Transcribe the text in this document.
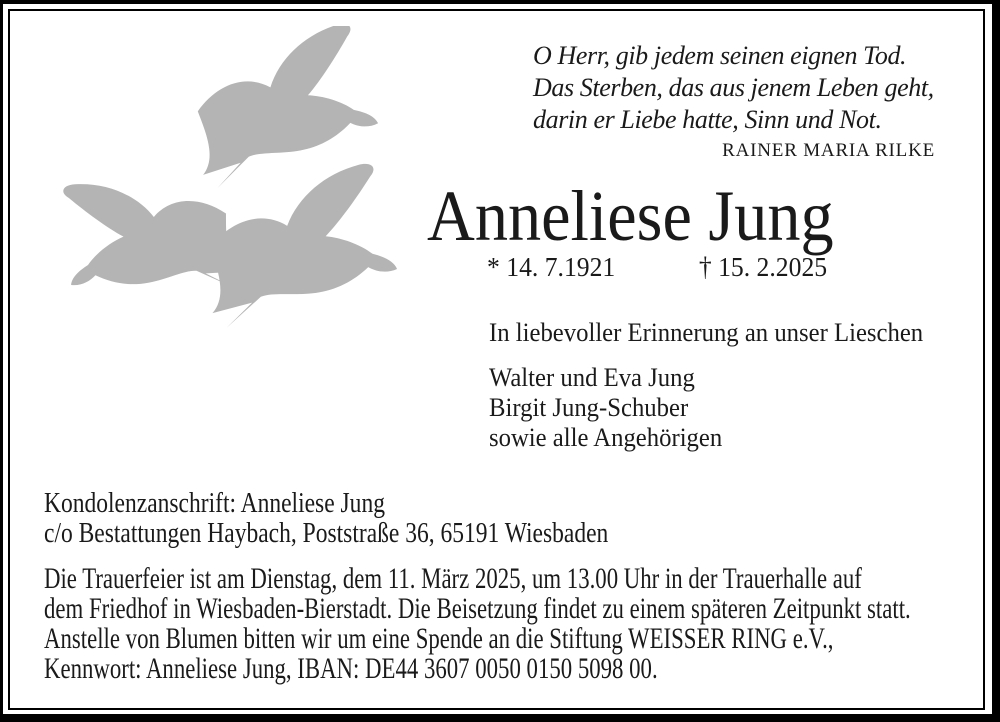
O Herr, gib jedem seinen eignen Tod.
Das Sterben, das aus jenem Leben geht,
darin er Liebe hatte, Sinn und Not.
RAINER MARIA RILKE
Anneliese Jung
* 14. 7.1921	† 15. 2.2025
In liebevoller Erinnerung an unser Lieschen
Walter und Eva Jung
Birgit Jung-Schuber
sowie alle Angehörigen
Kondolenzanschrift: Anneliese Jung
c/o Bestattungen Haybach, Poststraße 36, 65191 Wiesbaden
Die Trauerfeier ist am Dienstag, dem 11. März 2025, um 13.00 Uhr in der Trauerhalle auf
dem Friedhof in Wiesbaden-Bierstadt. Die Beisetzung findet zu einem späteren Zeitpunkt statt.
Anstelle von Blumen bitten wir um eine Spende an die Stiftung WEISSER RING e.V.,
Kennwort: Anneliese Jung, IBAN: DE44 3607 0050 0150 5098 00.
